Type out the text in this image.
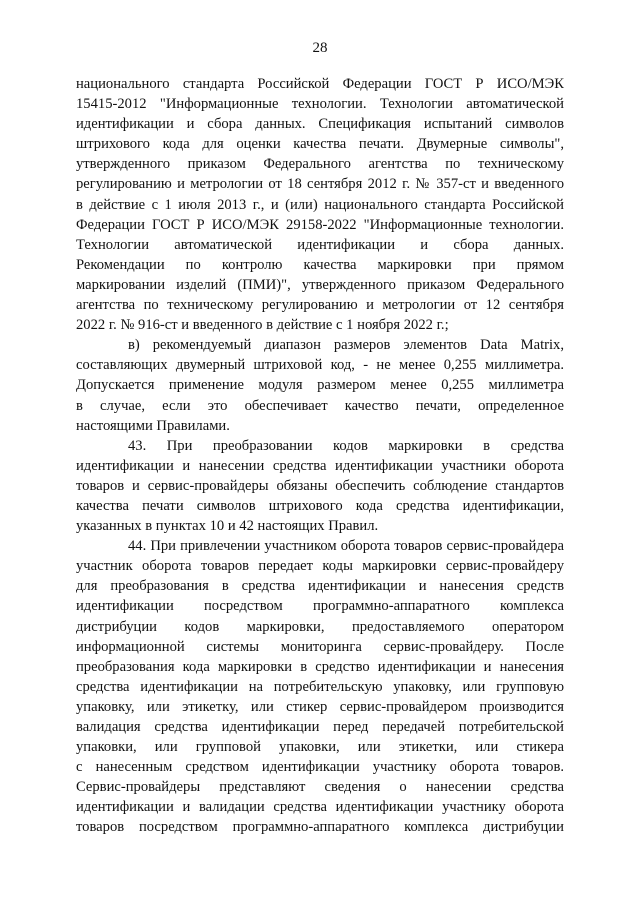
28
национального стандарта Российской Федерации ГОСТ Р ИСО/МЭК
15415-2012 "Информационные технологии. Технологии автоматической
идентификации и сбора данных. Спецификация испытаний символов
штрихового кода для оценки качества печати. Двумерные символы",
утвержденного приказом Федерального агентства по техническому
регулированию и метрологии от 18 сентября 2012 г. № 357-ст и введенного
в действие с 1 июля 2013 г., и (или) национального стандарта Российской
Федерации ГОСТ Р ИСО/МЭК 29158-2022 "Информационные технологии.
Технологии автоматической идентификации и сбора данных.
Рекомендации по контролю качества маркировки при прямом
маркировании изделий (ПМИ)", утвержденного приказом Федерального
агентства по техническому регулированию и метрологии от 12 сентября
2022 г. № 916-ст и введенного в действие с 1 ноября 2022 г.;
в) рекомендуемый диапазон размеров элементов Data Matrix,
составляющих двумерный штриховой код, - не менее 0,255 миллиметра.
Допускается применение модуля размером менее 0,255 миллиметра
в случае, если это обеспечивает качество печати, определенное
настоящими Правилами.
43. При преобразовании кодов маркировки в средства
идентификации и нанесении средства идентификации участники оборота
товаров и сервис-провайдеры обязаны обеспечить соблюдение стандартов
качества печати символов штрихового кода средства идентификации,
указанных в пунктах 10 и 42 настоящих Правил.
44. При привлечении участником оборота товаров сервис-провайдера
участник оборота товаров передает коды маркировки сервис-провайдеру
для преобразования в средства идентификации и нанесения средств
идентификации посредством программно-аппаратного комплекса
дистрибуции кодов маркировки, предоставляемого оператором
информационной системы мониторинга сервис-провайдеру. После
преобразования кода маркировки в средство идентификации и нанесения
средства идентификации на потребительскую упаковку, или групповую
упаковку, или этикетку, или стикер сервис-провайдером производится
валидация средства идентификации перед передачей потребительской
упаковки, или групповой упаковки, или этикетки, или стикера
с нанесенным средством идентификации участнику оборота товаров.
Сервис-провайдеры представляют сведения о нанесении средства
идентификации и валидации средства идентификации участнику оборота
товаров посредством программно-аппаратного комплекса дистрибуции
